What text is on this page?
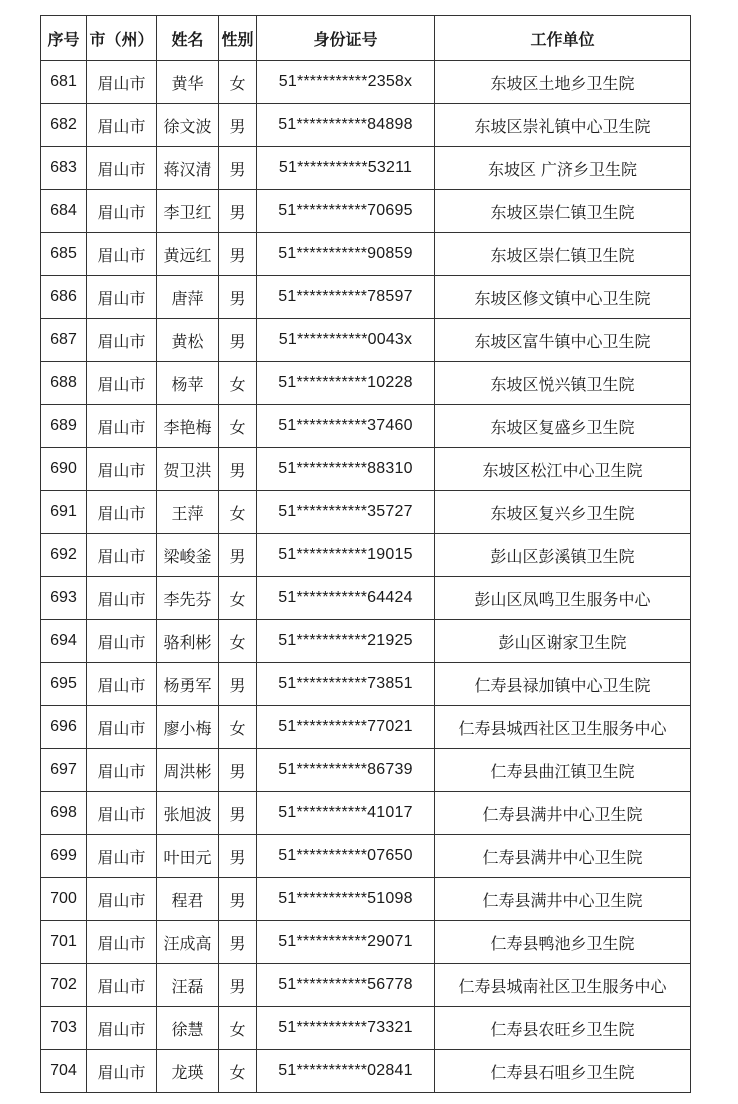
序号	市（州）	姓名	性别	身份证号	工作单位
681	眉山市	黄华	女	51***********2358x	东坡区土地乡卫生院
682	眉山市	徐文波	男	51***********84898	东坡区崇礼镇中心卫生院
683	眉山市	蒋汉清	男	51***********53211	东坡区 广济乡卫生院
684	眉山市	李卫红	男	51***********70695	东坡区崇仁镇卫生院
685	眉山市	黄远红	男	51***********90859	东坡区崇仁镇卫生院
686	眉山市	唐萍	男	51***********78597	东坡区修文镇中心卫生院
687	眉山市	黄松	男	51***********0043x	东坡区富牛镇中心卫生院
688	眉山市	杨苹	女	51***********10228	东坡区悦兴镇卫生院
689	眉山市	李艳梅	女	51***********37460	东坡区复盛乡卫生院
690	眉山市	贺卫洪	男	51***********88310	东坡区松江中心卫生院
691	眉山市	王萍	女	51***********35727	东坡区复兴乡卫生院
692	眉山市	梁峻釜	男	51***********19015	彭山区彭溪镇卫生院
693	眉山市	李先芬	女	51***********64424	彭山区凤鸣卫生服务中心
694	眉山市	骆利彬	女	51***********21925	彭山区谢家卫生院
695	眉山市	杨勇军	男	51***********73851	仁寿县禄加镇中心卫生院
696	眉山市	廖小梅	女	51***********77021	仁寿县城西社区卫生服务中心
697	眉山市	周洪彬	男	51***********86739	仁寿县曲江镇卫生院
698	眉山市	张旭波	男	51***********41017	仁寿县满井中心卫生院
699	眉山市	叶田元	男	51***********07650	仁寿县满井中心卫生院
700	眉山市	程君	男	51***********51098	仁寿县满井中心卫生院
701	眉山市	汪成高	男	51***********29071	仁寿县鸭池乡卫生院
702	眉山市	汪磊	男	51***********56778	仁寿县城南社区卫生服务中心
703	眉山市	徐慧	女	51***********73321	仁寿县农旺乡卫生院
704	眉山市	龙瑛	女	51***********02841	仁寿县石咀乡卫生院
